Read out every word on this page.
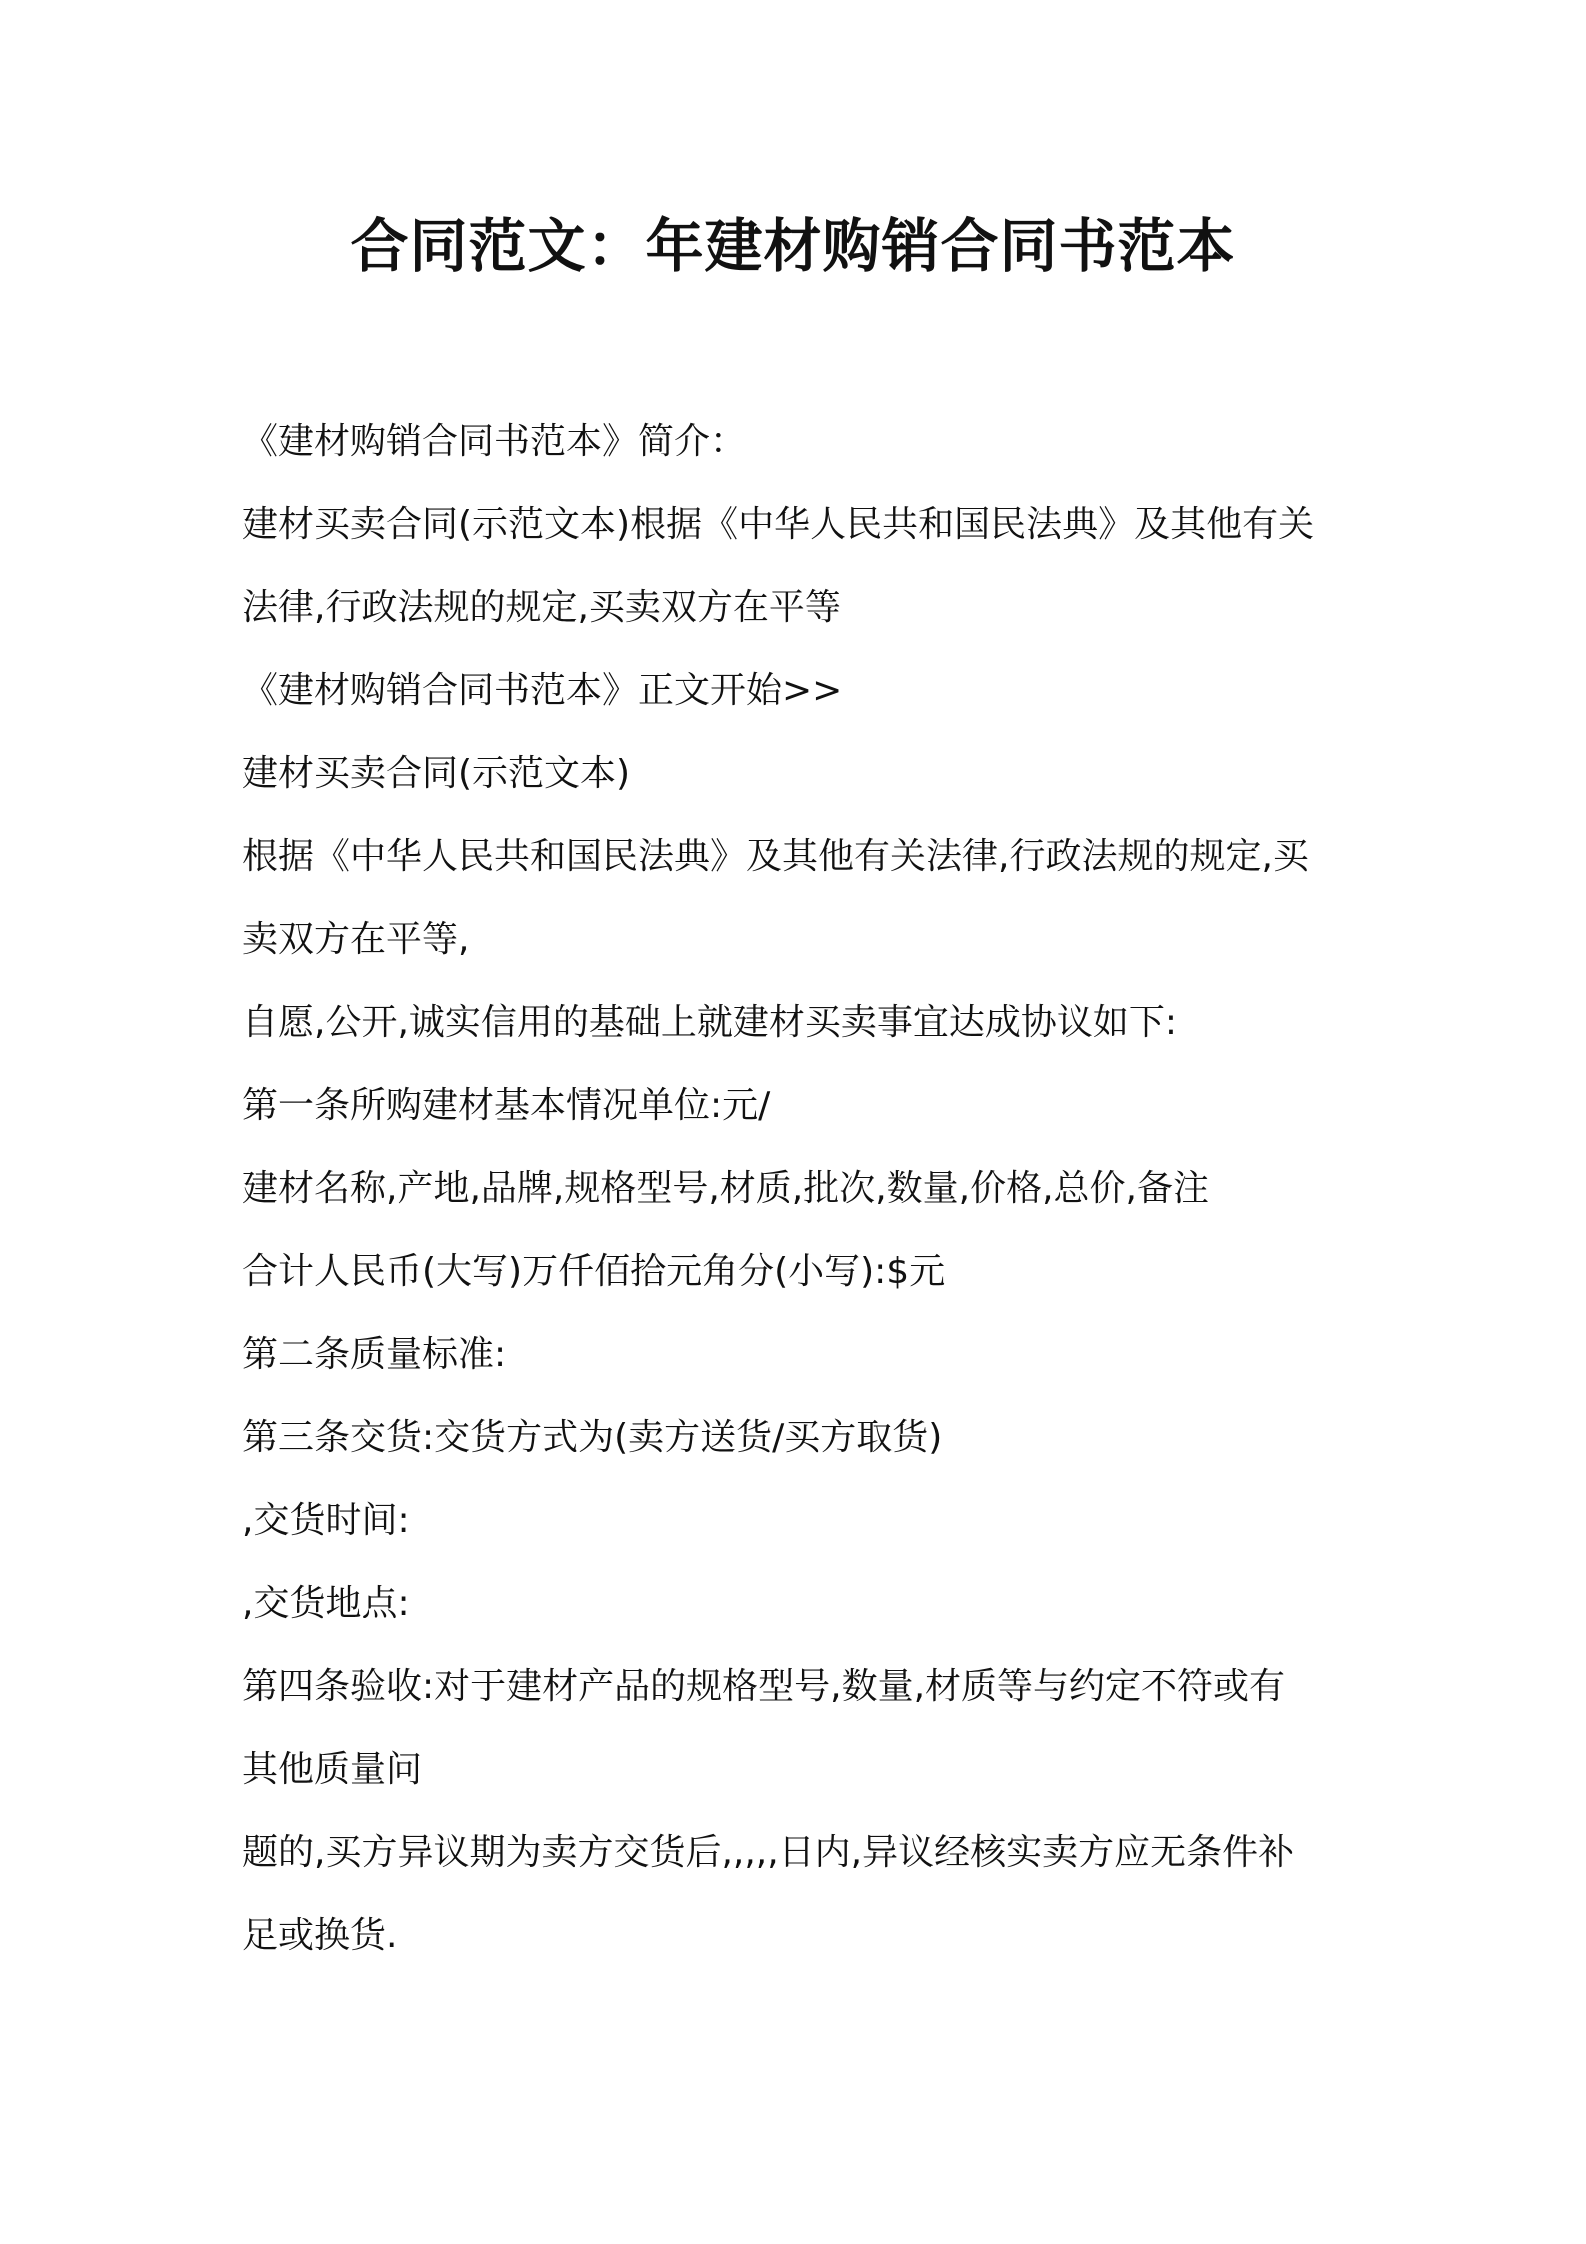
合同范文：年建材购销合同书范本
《建材购销合同书范本》简介：
建材买卖合同(示范文本)根据《中华人民共和国民法典》及其他有关
法律,行政法规的规定,买卖双方在平等
《建材购销合同书范本》正文开始>>
建材买卖合同(示范文本)
根据《中华人民共和国民法典》及其他有关法律,行政法规的规定,买
卖双方在平等,
自愿,公开,诚实信用的基础上就建材买卖事宜达成协议如下:
第一条所购建材基本情况单位:元/
建材名称,产地,品牌,规格型号,材质,批次,数量,价格,总价,备注
合计人民币(大写)万仟佰拾元角分(小写):$元
第二条质量标准:
第三条交货:交货方式为(卖方送货/买方取货)
,交货时间:
,交货地点:
第四条验收:对于建材产品的规格型号,数量,材质等与约定不符或有
其他质量问
题的,买方异议期为卖方交货后,,,,,日内,异议经核实卖方应无条件补
足或换货.
